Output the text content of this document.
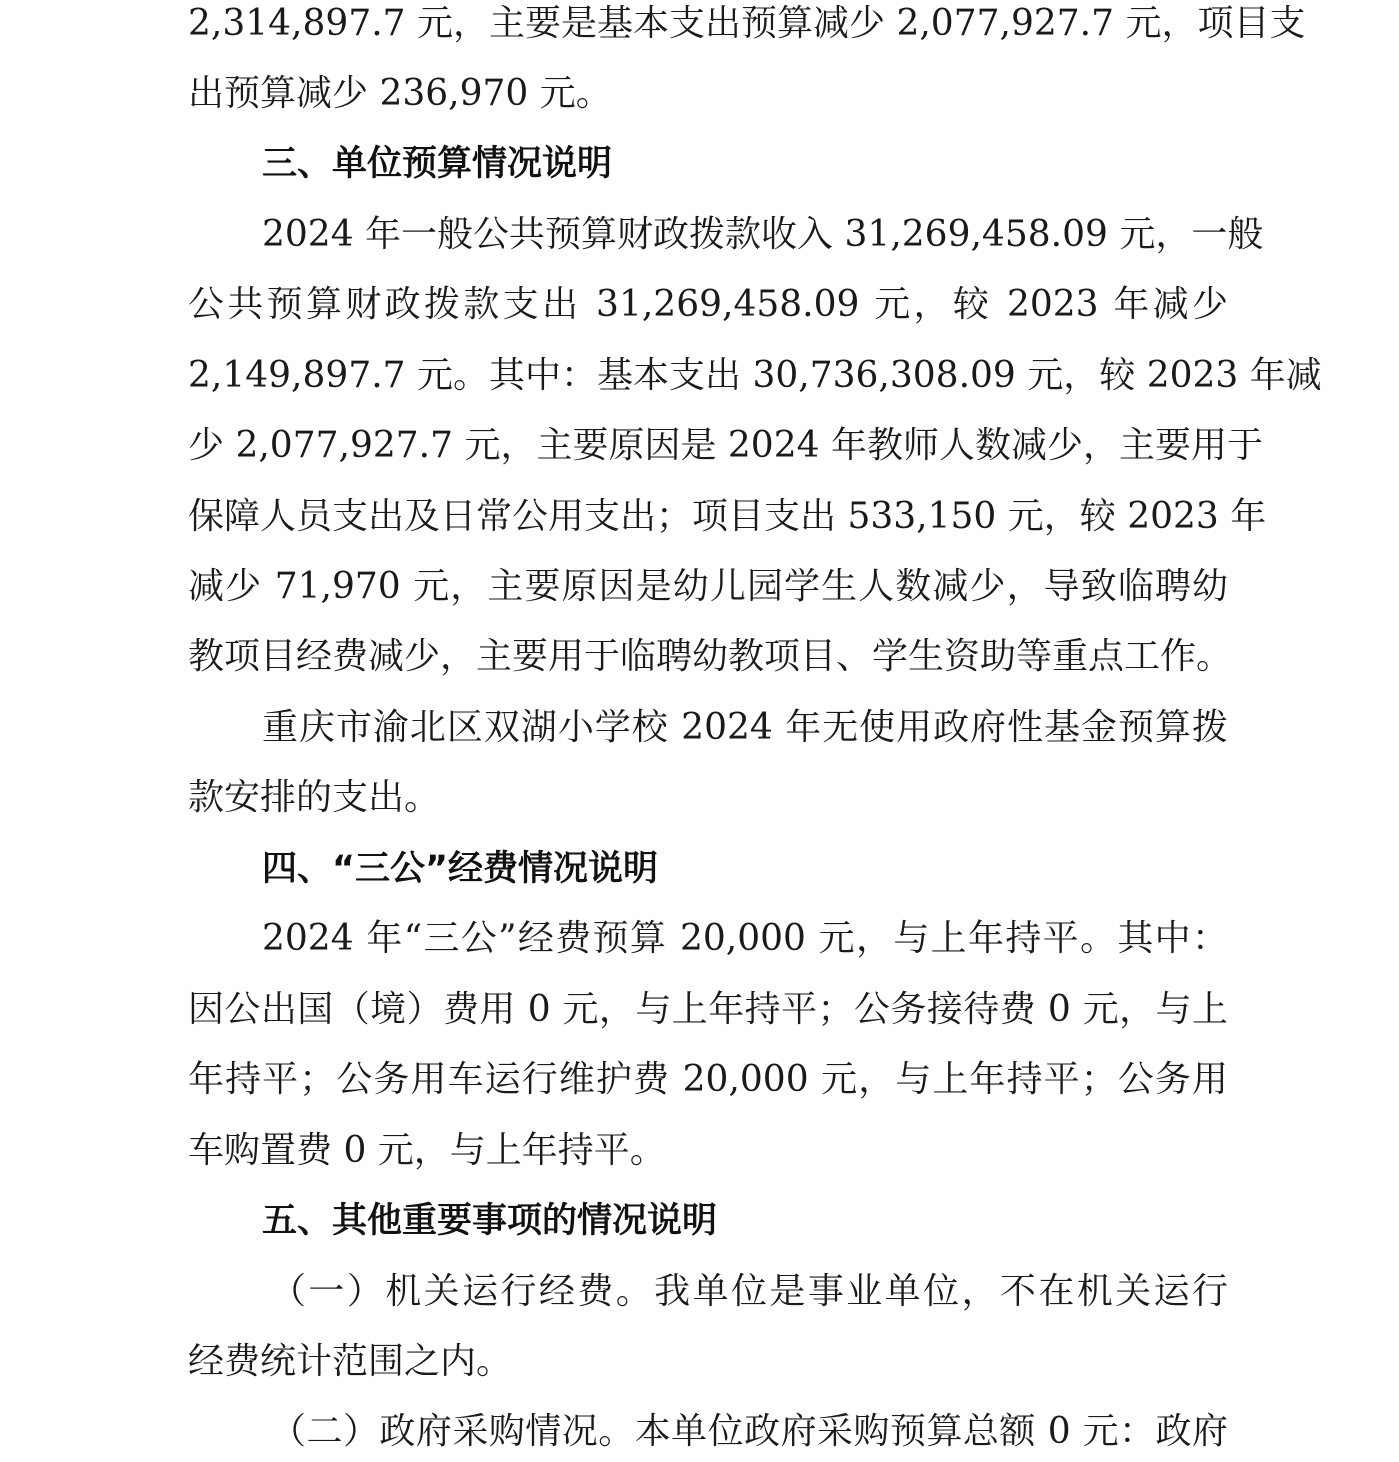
2,314,897.7 元，主要是基本支出预算减少 2,077,927.7 元，项目支
出预算减少 236,970 元。
三、单位预算情况说明
2024 年一般公共预算财政拨款收入 31,269,458.09 元，一般
公共预算财政拨款支出 31,269,458.09 元，较 2023 年减少
2,149,897.7 元。其中：基本支出 30,736,308.09 元，较 2023 年减
少 2,077,927.7 元，主要原因是 2024 年教师人数减少，主要用于
保障人员支出及日常公用支出；项目支出 533,150 元，较 2023 年
减少 71,970 元，主要原因是幼儿园学生人数减少，导致临聘幼
教项目经费减少，主要用于临聘幼教项目、学生资助等重点工作。
重庆市渝北区双湖小学校 2024 年无使用政府性基金预算拨
款安排的支出。
四、“三公”经费情况说明
2024 年“三公”经费预算 20,000 元，与上年持平。其中：
因公出国（境）费用 0 元，与上年持平；公务接待费 0 元，与上
年持平；公务用车运行维护费 20,000 元，与上年持平；公务用
车购置费 0 元，与上年持平。
五、其他重要事项的情况说明
（一）机关运行经费。我单位是事业单位，不在机关运行
经费统计范围之内。
（二）政府采购情况。本单位政府采购预算总额 0 元：政府
